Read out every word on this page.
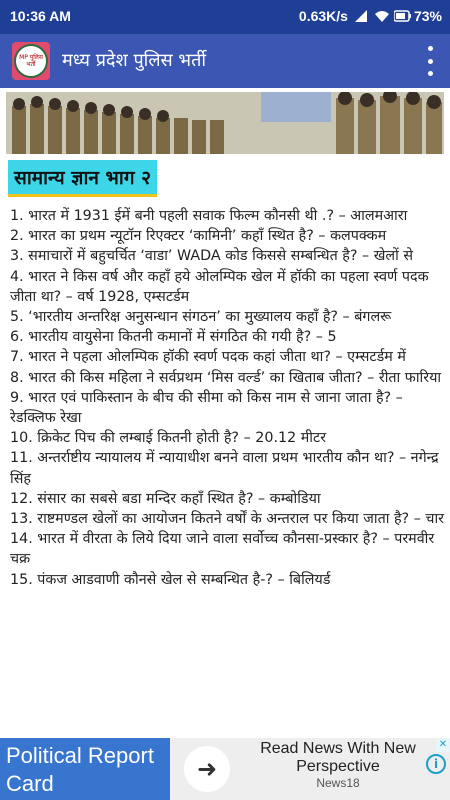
10:36 AM	0.63K/s	73%
MP पुलिस भर्ती	मध्य प्रदेश पुलिस भर्ती
सामान्य ज्ञान भाग २

1. भारत में 1931 ईमें बनी पहली सवाक फिल्म कौनसी थी .? – आलमआरा

2. भारत का प्रथम न्यूटॉन रिएक्टर ‘कामिनी’ कहाँ स्थित है? – कलपक्कम

3. समाचारों में बहुचर्चित ‘वाडा’ WADA कोड किससे सम्बन्धित है? – खेलों से

4. भारत ने किस वर्ष और कहाँ हये ओलम्पिक खेल में हॉकी का पहला स्वर्ण पदक जीता था? – वर्ष 1928, एम्सटर्डम

5. ‘भारतीय अन्तरिक्ष अनुसन्धान संगठन’ का मुख्यालय कहाँ है? – बंगलरू

6. भारतीय वायुसेना कितनी कमानों में संगठित की गयी है? – 5

7. भारत ने पहला ओलम्पिक हॉकी स्वर्ण पदक कहां जीता था? – एम्सटर्डम में

8. भारत की किस महिला ने सर्वप्रथम ‘मिस वर्ल्ड’ का खिताब जीता? – रीता फारिया

9. भारत एवं पाकिस्तान के बीच की सीमा को किस नाम से जाना जाता है? – रेडक्लिफ रेखा

10. क्रिकेट पिच की लम्बाई कितनी होती है? – 20.12 मीटर

11. अन्तर्राष्टीय न्यायालय में न्यायाधीश बनने वाला प्रथम भारतीय कौन था? – नगेन्द्र सिंह

12. संसार का सबसे बडा मन्दिर कहाँ स्थित है? – कम्बोडिया

13. राष्टमण्डल खेलों का आयोजन कितने वर्षों के अन्तराल पर किया जाता है? – चार

14. भारत में वीरता के लिये दिया जाने वाला सर्वोच्च कौनसा-प्रस्कार है? – परमवीर चक्र

15. पंकज आडवाणी कौनसे खेल से सम्बन्धित है-? – बिलियर्ड

Political Report Card
➜
Read News With New
Perspective
News18
i
✕
